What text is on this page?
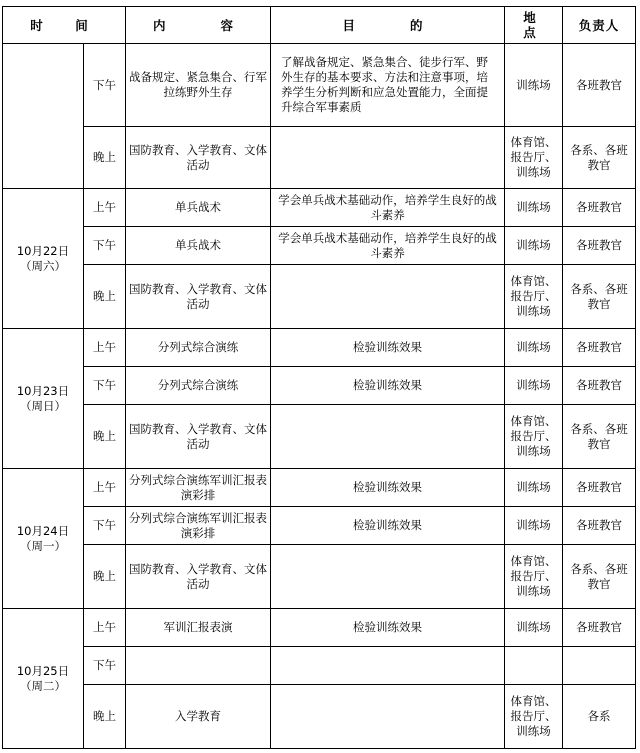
时　间		内　　容	目　　的	地　点	负责人
	下午	战备规定、紧急集合、行军拉练野外生存	了解战备规定、紧急集合、徒步行军、野外生存的基本要求、方法和注意事项，培养学生分析判断和应急处置能力，全面提升综合军事素质	训练场	各班教官
	晚上	国防教育、入学教育、文体活动		体育馆、报告厅、训练场	各系、各班教官
10月22日（周六）	上午	单兵战术	学会单兵战术基础动作，培养学生良好的战斗素养	训练场	各班教官
	下午	单兵战术	学会单兵战术基础动作，培养学生良好的战斗素养	训练场	各班教官
	晚上	国防教育、入学教育、文体活动		体育馆、报告厅、训练场	各系、各班教官
10月23日（周日）	上午	分列式综合演练	检验训练效果	训练场	各班教官
	下午	分列式综合演练	检验训练效果	训练场	各班教官
	晚上	国防教育、入学教育、文体活动		体育馆、报告厅、训练场	各系、各班教官
10月24日（周一）	上午	分列式综合演练军训汇报表演彩排	检验训练效果	训练场	各班教官
	下午	分列式综合演练军训汇报表演彩排	检验训练效果	训练场	各班教官
	晚上	国防教育、入学教育、文体活动		体育馆、报告厅、训练场	各系、各班教官
10月25日（周二）	上午	军训汇报表演	检验训练效果	训练场	各班教官
	下午				
	晚上	入学教育		体育馆、报告厅、训练场	各系
